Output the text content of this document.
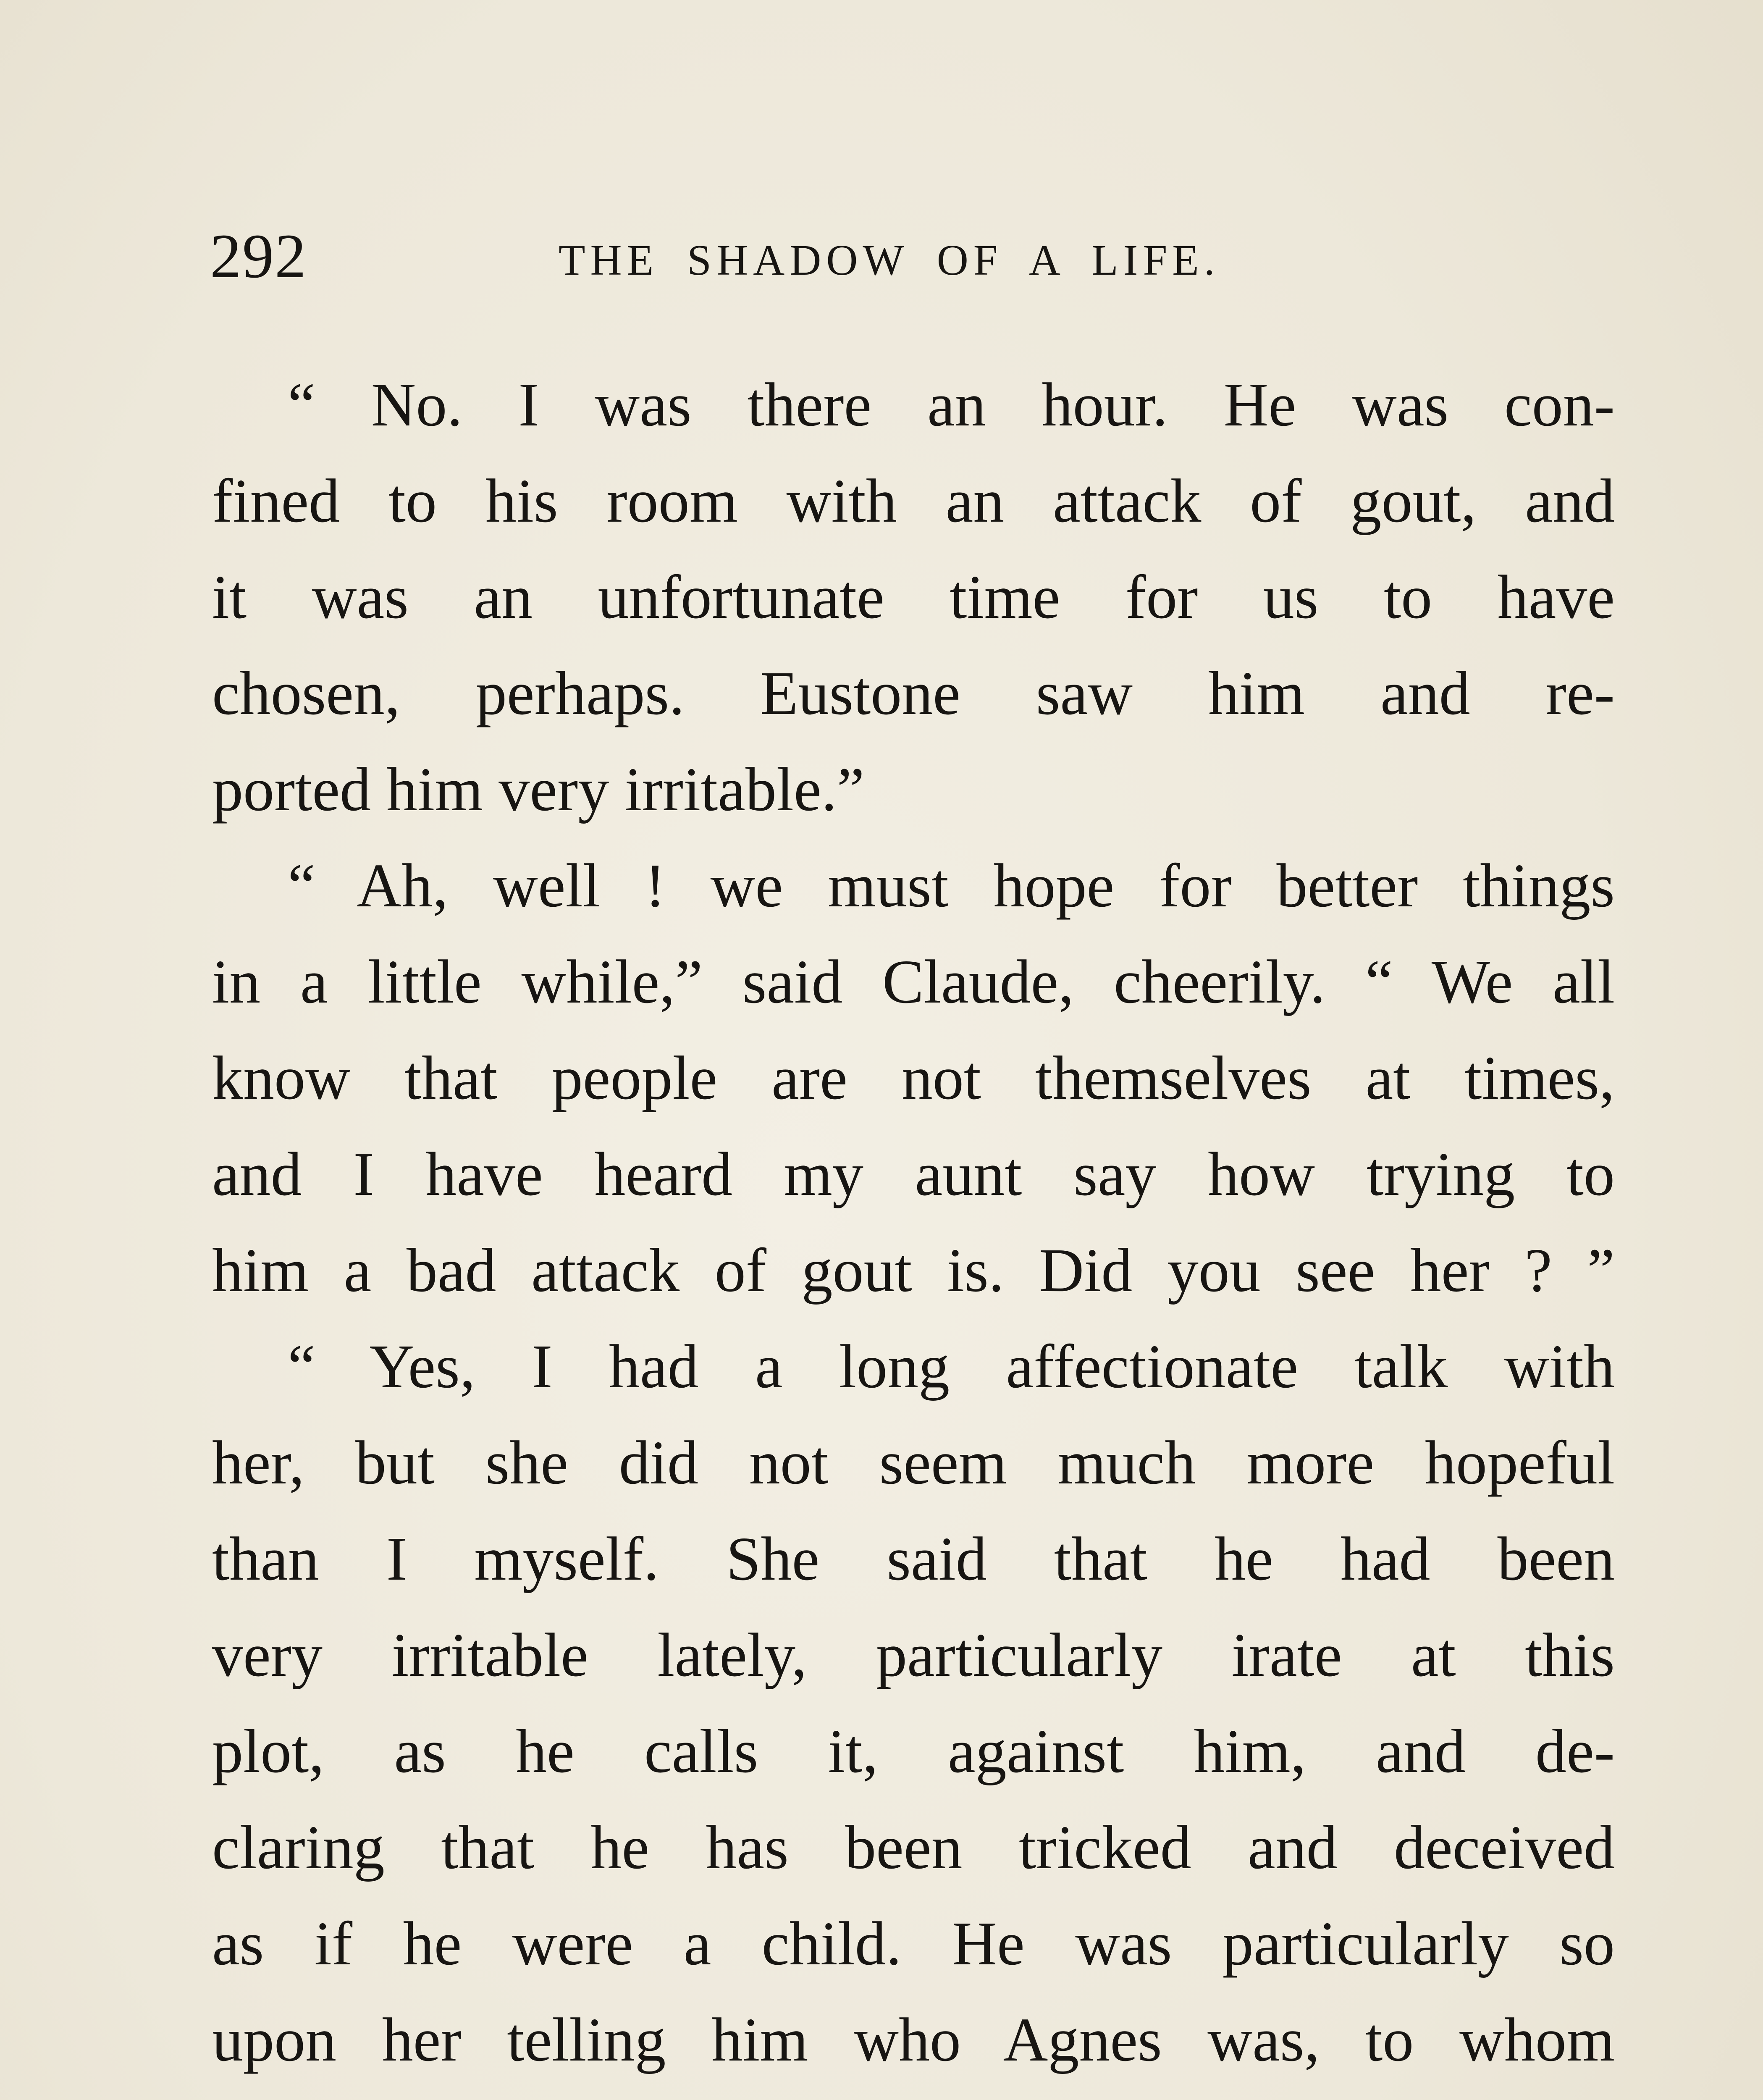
292	THE SHADOW OF A LIFE.
“ No. I was there an hour. He was con-
fined to his room with an attack of gout, and
it was an unfortunate time for us to have
chosen, perhaps. Eustone saw him and re-
ported him very irritable.”
“ Ah, well ! we must hope for better things
in a little while,” said Claude, cheerily. “ We all
know that people are not themselves at times,
and I have heard my aunt say how trying to
him a bad attack of gout is. Did you see her ? ”
“ Yes, I had a long affectionate talk with
her, but she did not seem much more hopeful
than I myself. She said that he had been
very irritable lately, particularly irate at this
plot, as he calls it, against him, and de-
claring that he has been tricked and deceived
as if he were a child. He was particularly so
upon her telling him who Agnes was, to whom
